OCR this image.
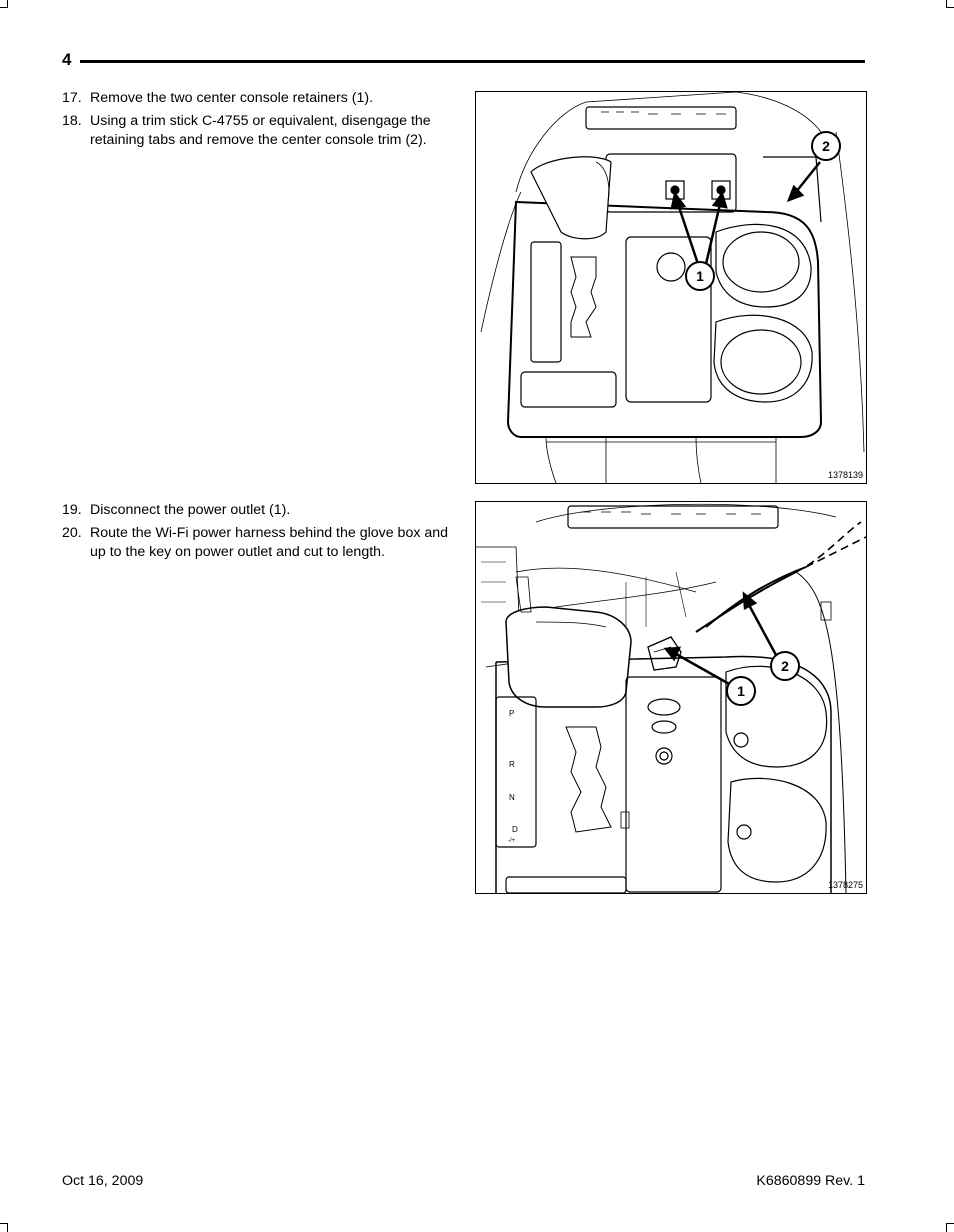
4
17. Remove the two center console retainers (1).
18. Using a trim stick C-4755 or equivalent, disengage the retaining tabs and remove the center console trim (2).
1
2
1378139
19. Disconnect the power outlet (1).
20. Route the Wi-Fi power harness behind the glove box and up to the key on power outlet and cut to length.
1
2
P
R
N
D
-/+
1378275
Oct 16, 2009	K6860899 Rev. 1
